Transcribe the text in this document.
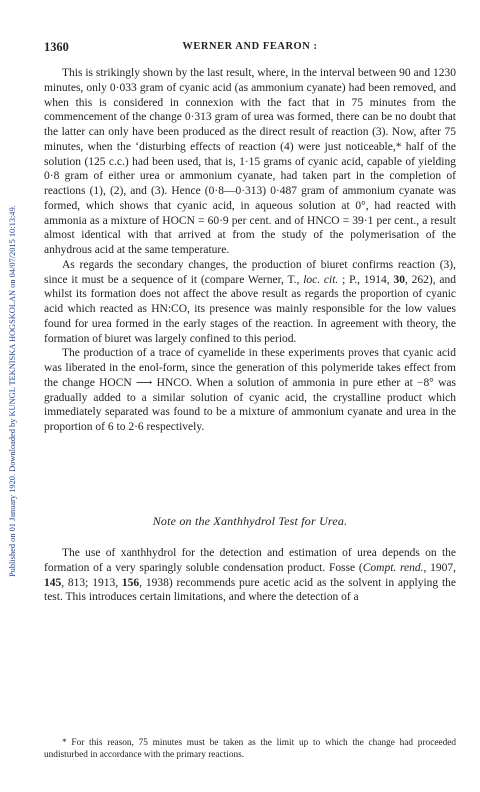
Published on 01 January 1920. Downloaded by KUNGL TEKNISKA HOGSKOLAN on 04/07/2015 10:13:49.
1360	WERNER AND FEARON :

This is strikingly shown by the last result, where, in the interval between 90 and 1230 minutes, only 0·033 gram of cyanic acid (as ammonium cyanate) had been removed, and when this is considered in connexion with the fact that in 75 minutes from the commencement of the change 0·313 gram of urea was formed, there can be no doubt that the latter can only have been produced as the direct result of reaction (3). Now, after 75 minutes, when the ‘disturbing effects of reaction (4) were just noticeable,* half of the solution (125 c.c.) had been used, that is, 1·15 grams of cyanic acid, capable of yielding 0·8 gram of either urea or ammonium cyanate, had taken part in the completion of reactions (1), (2), and (3). Hence (0·8—0·313) 0·487 gram of ammonium cyanate was formed, which shows that cyanic acid, in aqueous solution at 0°, had reacted with ammonia as a mixture of HOCN = 60·9 per cent. and of HNCO = 39·1 per cent., a result almost identical with that arrived at from the study of the polymerisation of the anhydrous acid at the same temperature.

As regards the secondary changes, the production of biuret confirms reaction (3), since it must be a sequence of it (compare Werner, T., loc. cit. ; P., 1914, 30, 262), and whilst its formation does not affect the above result as regards the proportion of cyanic acid which reacted as HN:CO, its presence was mainly responsible for the low values found for urea formed in the early stages of the reaction. In agreement with theory, the formation of biuret was largely confined to this period.

The production of a trace of cyamelide in these experiments proves that cyanic acid was liberated in the enol-form, since the generation of this polymeride takes effect from the change HOCN ⟶ HNCO. When a solution of ammonia in pure ether at −8° was gradually added to a similar solution of cyanic acid, the crystalline product which immediately separated was found to be a mixture of ammonium cyanate and urea in the proportion of 6 to 2·6 respectively.

Note on the Xanthhydrol Test for Urea.

The use of xanthhydrol for the detection and estimation of urea depends on the formation of a very sparingly soluble condensation product. Fosse (Compt. rend., 1907, 145, 813; 1913, 156, 1938) recommends pure acetic acid as the solvent in applying the test. This introduces certain limitations, and where the detection of a

* For this reason, 75 minutes must be taken as the limit up to which the change had proceeded undisturbed in accordance with the primary reactions.
